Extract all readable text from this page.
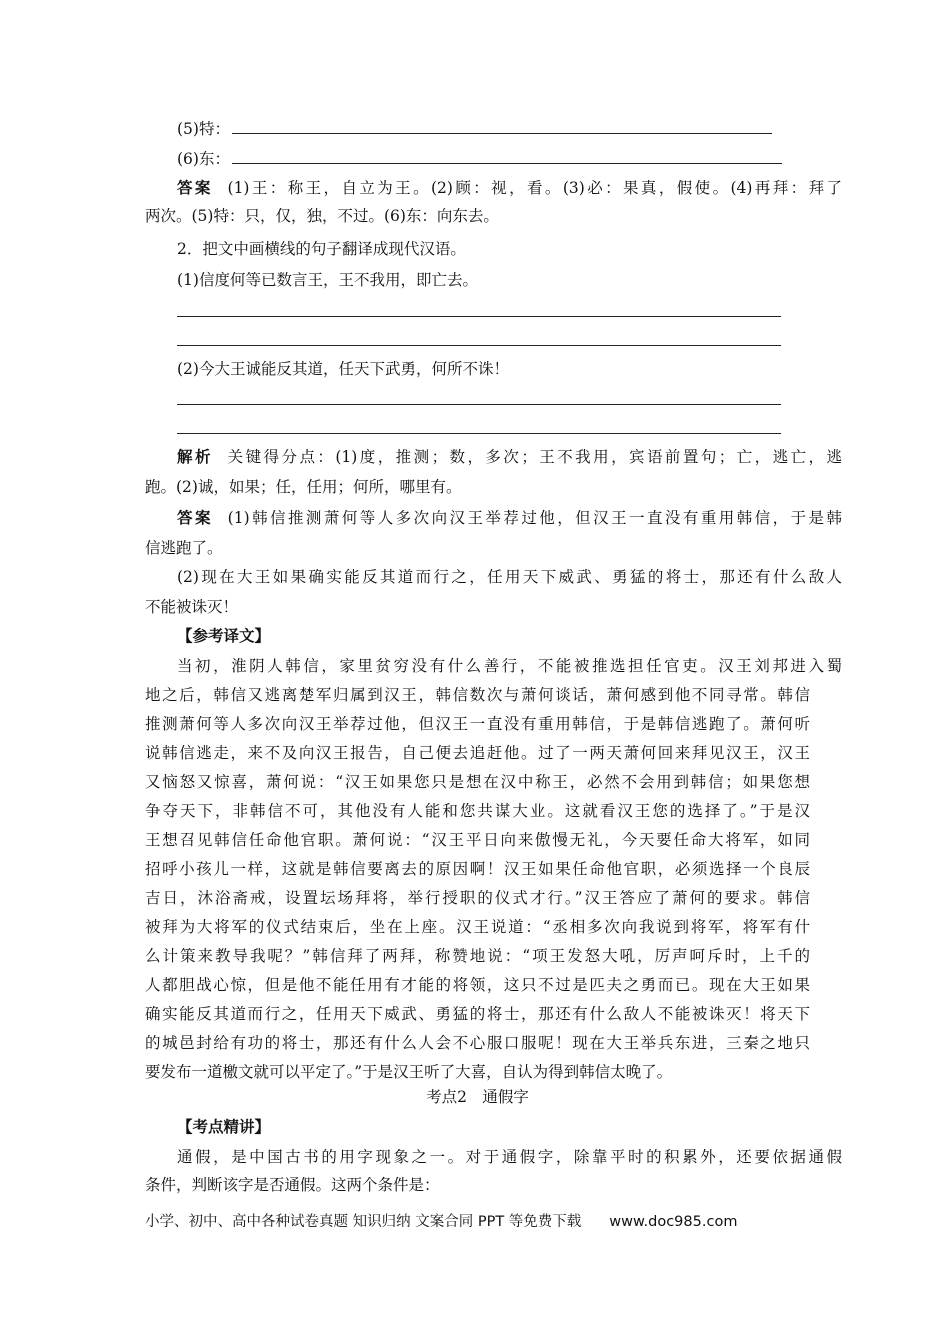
(5)特：
(6)东：
答案 (1)王：称王，自立为王。(2)顾：视，看。(3)必：果真，假使。(4)再拜：拜了
两次。(5)特：只，仅，独，不过。(6)东：向东去。
2．把文中画横线的句子翻译成现代汉语。
(1)信度何等已数言王，王不我用，即亡去。
(2)今大王诚能反其道，任天下武勇，何所不诛！
解析 关键得分点：(1)度，推测；数，多次；王不我用，宾语前置句；亡，逃亡，逃
跑。(2)诚，如果；任，任用；何所，哪里有。
答案 (1)韩信推测萧何等人多次向汉王举荐过他，但汉王一直没有重用韩信，于是韩
信逃跑了。
(2)现在大王如果确实能反其道而行之，任用天下威武、勇猛的将士，那还有什么敌人
不能被诛灭！
【参考译文】
当初，淮阴人韩信，家里贫穷没有什么善行，不能被推选担任官吏。汉王刘邦进入蜀
地之后，韩信又逃离楚军归属到汉王，韩信数次与萧何谈话，萧何感到他不同寻常。韩信
推测萧何等人多次向汉王举荐过他，但汉王一直没有重用韩信，于是韩信逃跑了。萧何听
说韩信逃走，来不及向汉王报告，自己便去追赶他。过了一两天萧何回来拜见汉王，汉王
又恼怒又惊喜，萧何说：“汉王如果您只是想在汉中称王，必然不会用到韩信；如果您想
争夺天下，非韩信不可，其他没有人能和您共谋大业。这就看汉王您的选择了。”于是汉
王想召见韩信任命他官职。萧何说：“汉王平日向来傲慢无礼，今天要任命大将军，如同
招呼小孩儿一样，这就是韩信要离去的原因啊！汉王如果任命他官职，必须选择一个良辰
吉日，沐浴斋戒，设置坛场拜将，举行授职的仪式才行。”汉王答应了萧何的要求。韩信
被拜为大将军的仪式结束后，坐在上座。汉王说道：“丞相多次向我说到将军，将军有什
么计策来教导我呢？”韩信拜了两拜，称赞地说：“项王发怒大吼，厉声呵斥时，上千的
人都胆战心惊，但是他不能任用有才能的将领，这只不过是匹夫之勇而已。现在大王如果
确实能反其道而行之，任用天下威武、勇猛的将士，那还有什么敌人不能被诛灭！将天下
的城邑封给有功的将士，那还有什么人会不心服口服呢！现在大王举兵东进，三秦之地只
要发布一道檄文就可以平定了。”于是汉王听了大喜，自认为得到韩信太晚了。
考点2　通假字
【考点精讲】
通假，是中国古书的用字现象之一。对于通假字，除靠平时的积累外，还要依据通假
条件，判断该字是否通假。这两个条件是：
小学、初中、高中各种试卷真题 知识归纳 文案合同 PPT 等免费下载 www.doc985.com
